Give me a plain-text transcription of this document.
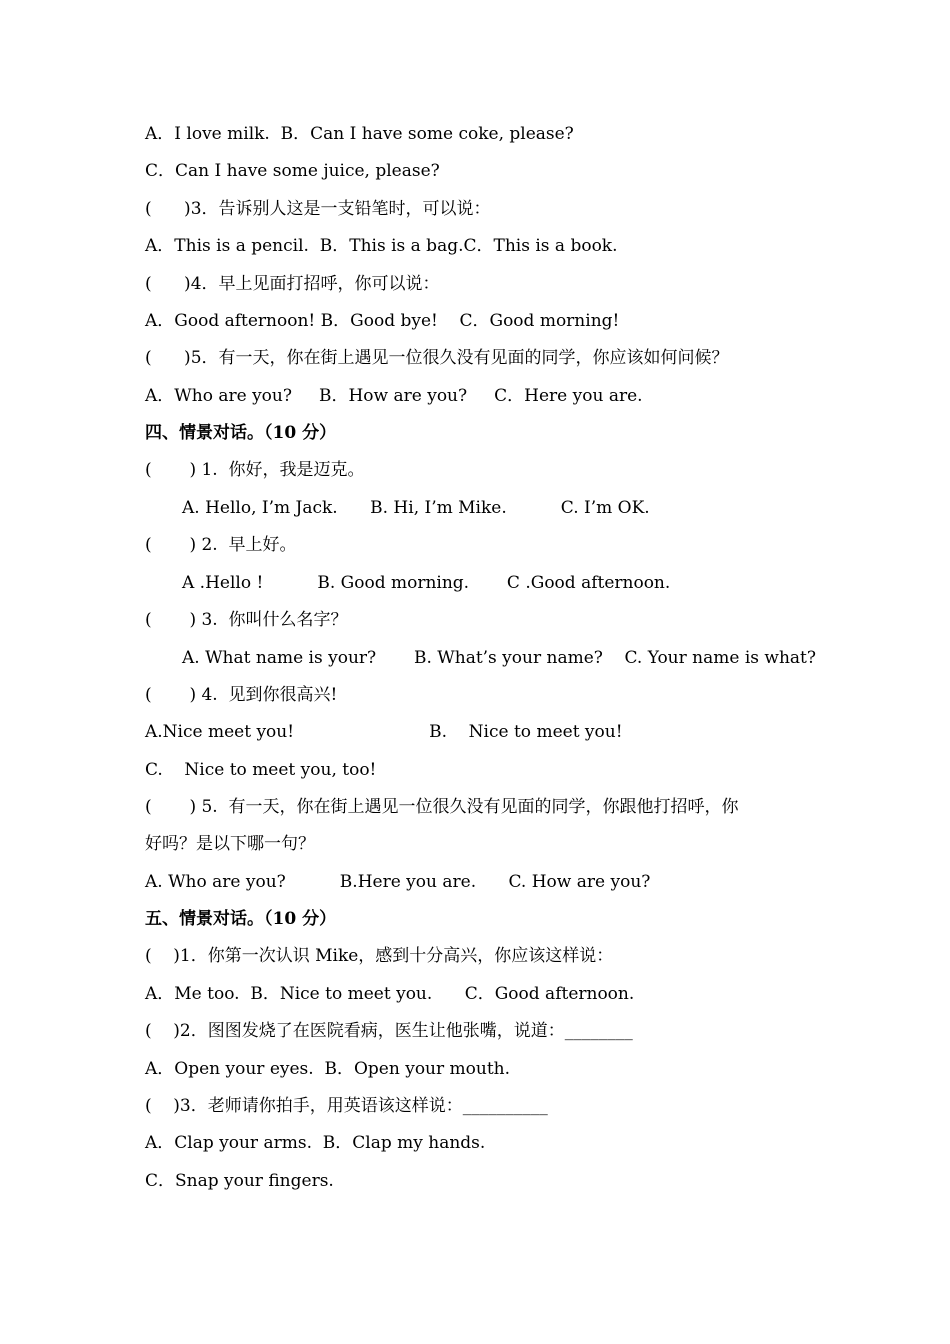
A．I love milk.  B．Can I have some coke, please?
C．Can I have some juice, please?
(      )3．告诉别人这是一支铅笔时，可以说：
A．This is a pencil.  B．This is a bag.C．This is a book.
(      )4．早上见面打招呼，你可以说：
A．Good afternoon! B．Good bye!    C．Good morning!
(      )5．有一天，你在街上遇见一位很久没有见面的同学，你应该如何问候？
A．Who are you?     B．How are you?     C．Here you are.
四、情景对话。（10 分）
(       ) 1.  你好，我是迈克。
A. Hello, I’m Jack.      B. Hi, I’m Mike.          C. I’m OK.
(       ) 2.  早上好。
A .Hello !          B. Good morning.       C .Good afternoon.
(       ) 3.  你叫什么名字？
A. What name is your?       B. What’s your name?    C. Your name is what?
(       ) 4.  见到你很高兴!
A.Nice meet you!                         B.    Nice to meet you!
C.    Nice to meet you, too!
(       ) 5.  有一天，你在街上遇见一位很久没有见面的同学，你跟他打招呼，你
好吗？是以下哪一句？
A. Who are you?          B.Here you are.      C. How are you?
五、情景对话。（10 分）
(    )1．你第一次认识 Mike，感到十分高兴，你应该这样说：
A．Me too.  B．Nice to meet you.      C．Good afternoon.
(    )2．图图发烧了在医院看病，医生让他张嘴，说道：________
A．Open your eyes.  B．Open your mouth.
(    )3．老师请你拍手，用英语该这样说：__________
A．Clap your arms.  B．Clap my hands.
C．Snap your fingers.
